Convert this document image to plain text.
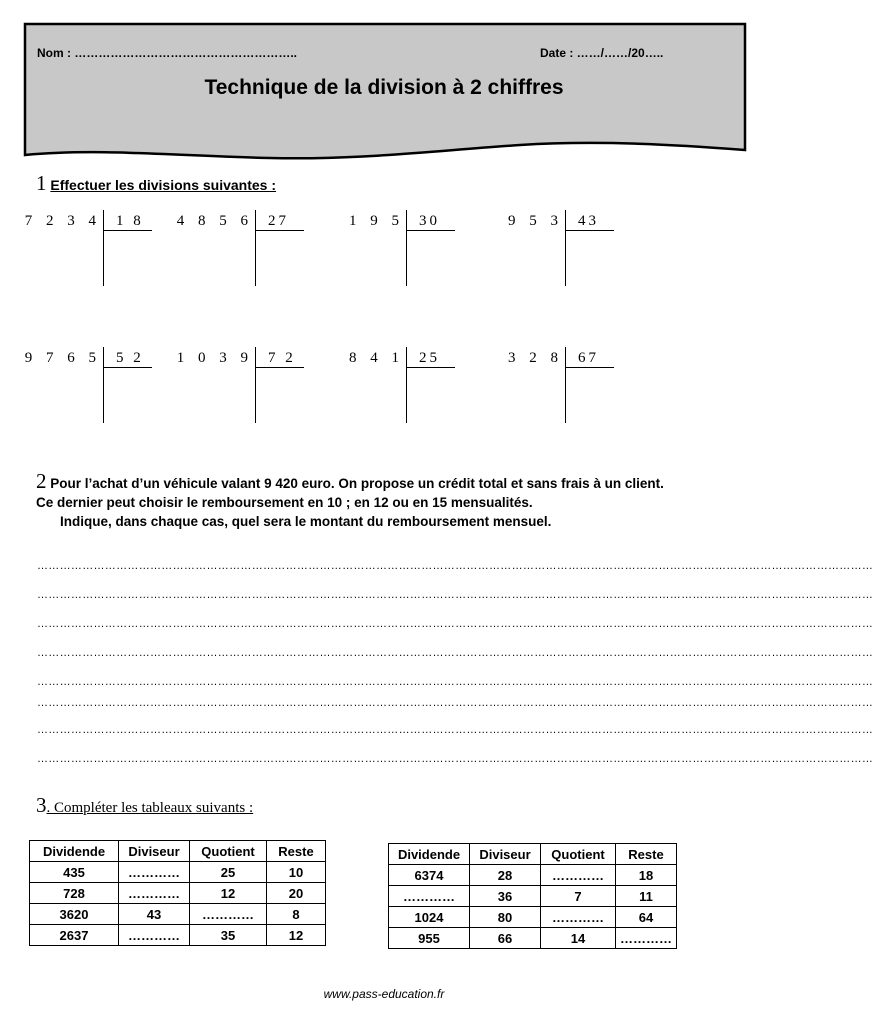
Nom : ………………………………………………..	Date : ……/……/20…..
Technique de la division à 2 chiffres
1 Effectuer les divisions suivantes :
7 2 3 4 1 8 4 8 5 6 27	1 9 5 30	9 5 3 43
9 7 6 5 5 2 1 0 3 9 7 2	8 4 1 25	3 2 8 67
2 Pour l’achat d’un véhicule valant 9 420 euro. On propose un crédit total et sans frais à un client.
Ce dernier peut choisir le remboursement en 10 ; en 12 ou en 15 mensualités.
Indique, dans chaque cas, quel sera le montant du remboursement mensuel.
……………………………………………………………………………………………………………………………………………………………………………………………………
……………………………………………………………………………………………………………………………………………………………………………………………………
……………………………………………………………………………………………………………………………………………………………………………………………………
……………………………………………………………………………………………………………………………………………………………………………………………………
……………………………………………………………………………………………………………………………………………………………………………………………………
……………………………………………………………………………………………………………………………………………………………………………………………………
……………………………………………………………………………………………………………………………………………………………………………………………………
……………………………………………………………………………………………………………………………………………………………………………………………………
3. Compléter les tableaux suivants :
Dividende	Diviseur	Quotient	Reste
435	…………	25	10
728	…………	12	20
3620	43	…………	8
2637	…………	35	12
Dividende	Diviseur	Quotient	Reste
6374	28	…………	18
…………	36	7	11
1024	80	…………	64
955	66	14	…………
www.pass-education.fr
